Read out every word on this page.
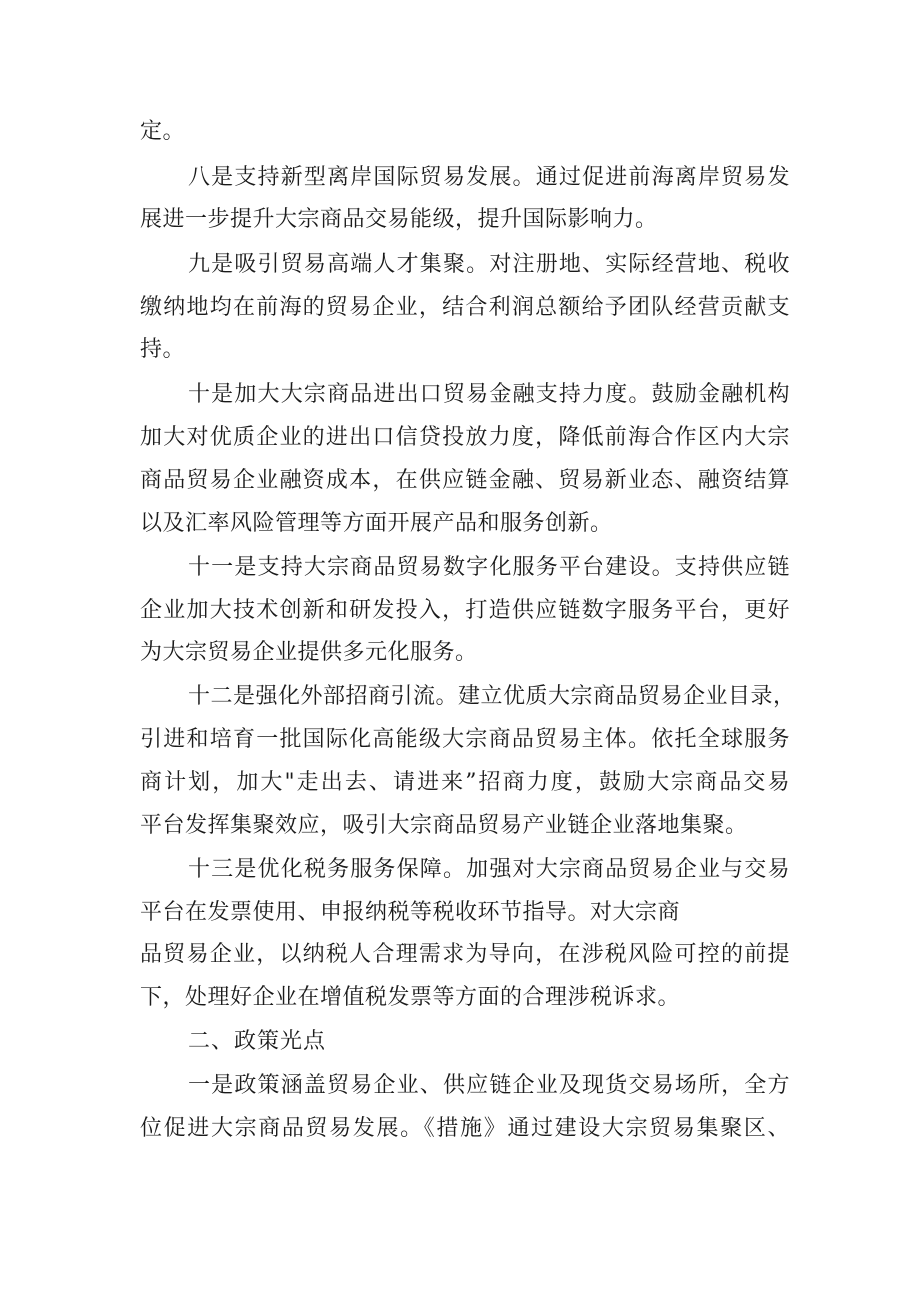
定。
八是支持新型离岸国际贸易发展。通过促进前海离岸贸易发
展进一步提升大宗商品交易能级，提升国际影响力。
九是吸引贸易高端人才集聚。对注册地、实际经营地、税收
缴纳地均在前海的贸易企业，结合利润总额给予团队经营贡献支
持。
十是加大大宗商品进出口贸易金融支持力度。鼓励金融机构
加大对优质企业的进出口信贷投放力度，降低前海合作区内大宗
商品贸易企业融资成本，在供应链金融、贸易新业态、融资结算
以及汇率风险管理等方面开展产品和服务创新。
十一是支持大宗商品贸易数字化服务平台建设。支持供应链
企业加大技术创新和研发投入，打造供应链数字服务平台，更好
为大宗贸易企业提供多元化服务。
十二是强化外部招商引流。建立优质大宗商品贸易企业目录，
引进和培育一批国际化高能级大宗商品贸易主体。依托全球服务
商计划，加大"走出去、请进来”招商力度，鼓励大宗商品交易
平台发挥集聚效应，吸引大宗商品贸易产业链企业落地集聚。
十三是优化税务服务保障。加强对大宗商品贸易企业与交易
平台在发票使用、申报纳税等税收环节指导。对大宗商
品贸易企业，以纳税人合理需求为导向，在涉税风险可控的前提
下，处理好企业在增值税发票等方面的合理涉税诉求。
二、政策光点
一是政策涵盖贸易企业、供应链企业及现货交易场所，全方
位促进大宗商品贸易发展。《措施》通过建设大宗贸易集聚区、
